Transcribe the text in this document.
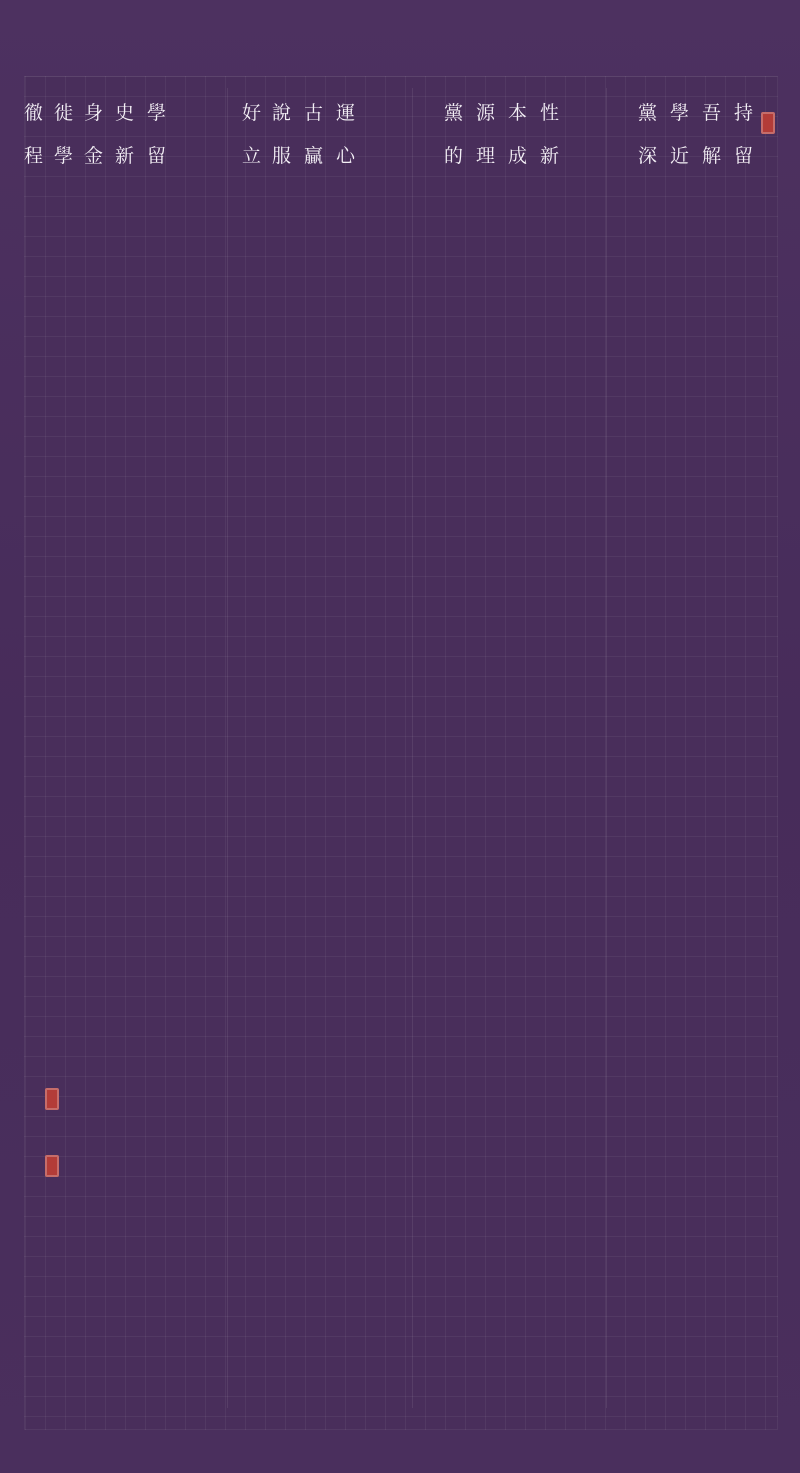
學留
史新
身金
徙學
徹程
運心
古贏
說服
好立
性新
本成
源理
黨的
持留
吾解
學近
黨深
